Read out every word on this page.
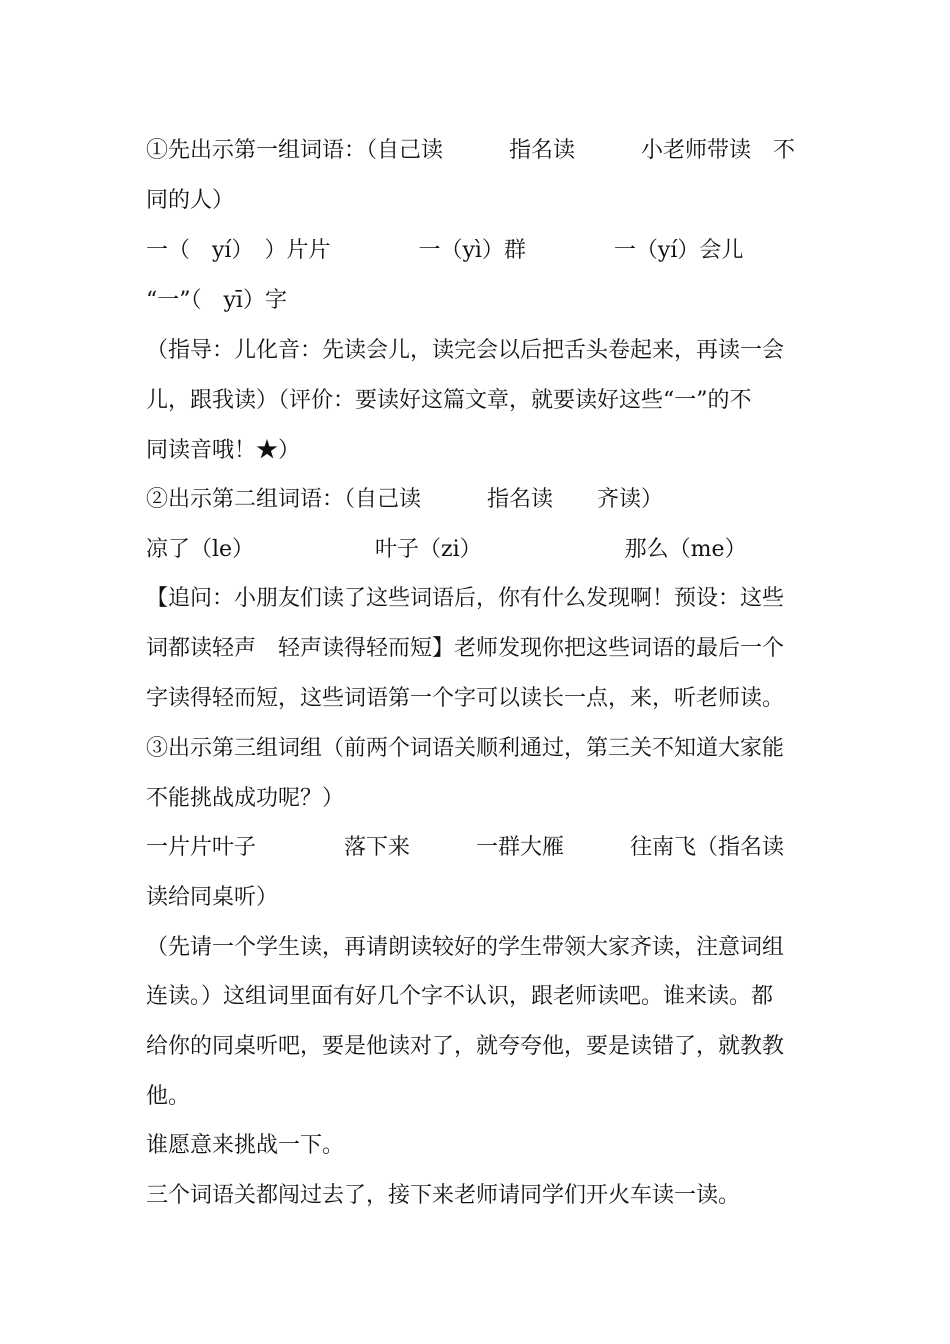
①先出示第一组词语：（自己读　　　指名读　　　小老师带读　不
同的人）
一（　yí）　）片片　　　　一（yì）群　　　　一（yí）会儿
“一”（　yī）字
（指导：儿化音：先读会儿，读完会以后把舌头卷起来，再读一会
儿，跟我读）（评价：要读好这篇文章，就要读好这些“一”的不
同读音哦！★）
②出示第二组词语：（自己读　　　指名读　　齐读）
凉了（le）　　　　　　叶子（zi）　　　　　　　那么（me）
【追问：小朋友们读了这些词语后，你有什么发现啊！预设：这些
词都读轻声　轻声读得轻而短】老师发现你把这些词语的最后一个
字读得轻而短，这些词语第一个字可以读长一点，来，听老师读。
③出示第三组词组（前两个词语关顺利通过，第三关不知道大家能
不能挑战成功呢？）
一片片叶子　　　　落下来　　　一群大雁　　　往南飞（指名读
读给同桌听）
（先请一个学生读，再请朗读较好的学生带领大家齐读，注意词组
连读。）这组词里面有好几个字不认识，跟老师读吧。谁来读。都
给你的同桌听吧，要是他读对了，就夸夸他，要是读错了，就教教
他。
谁愿意来挑战一下。
三个词语关都闯过去了，接下来老师请同学们开火车读一读。
